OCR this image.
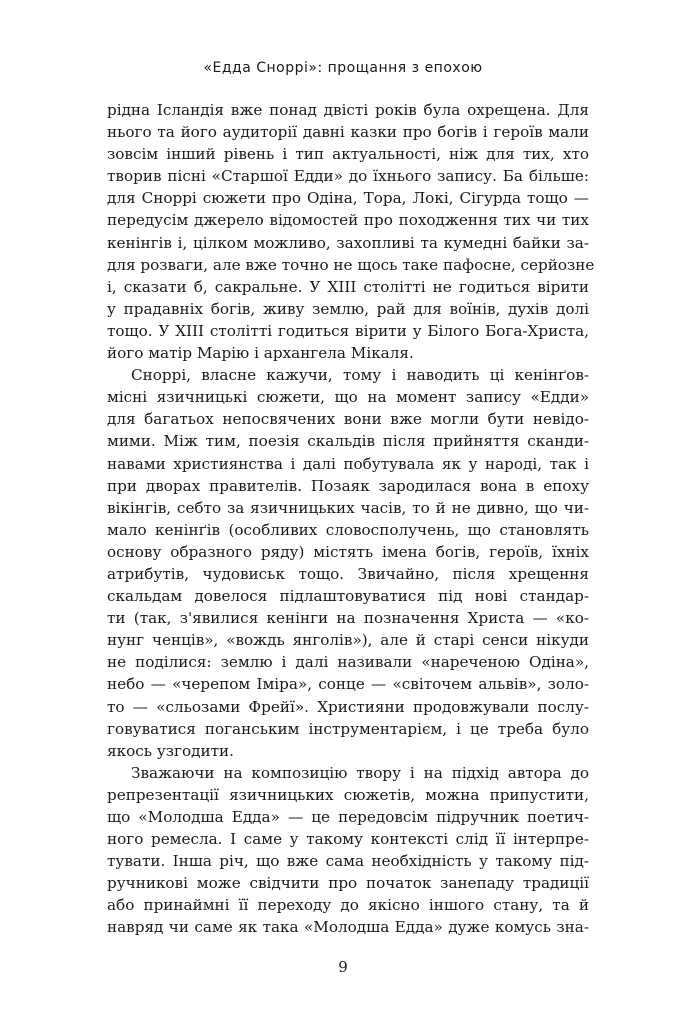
«Едда Сноррі»: прощання з епохою
рідна Ісландія вже понад двісті років була охрещена. Для
нього та його аудиторії давні казки про богів і героїв мали
зовсім інший рівень і тип актуальності, ніж для тих, хто
творив пісні «Старшої Едди» до їхнього запису. Ба більше:
для Сноррі сюжети про Одіна, Тора, Локі, Сігурда тощо —
передусім джерело відомостей про походження тих чи тих
кенінгів і, цілком можливо, захопливі та кумедні байки за-
для розваги, але вже точно не щось таке пафосне, серйозне
і, сказати б, сакральне. У XIII столітті не годиться вірити
у прадавніх богів, живу землю, рай для воїнів, духів долі
тощо. У XIII столітті годиться вірити у Білого Бога-Христа,
його матір Марію і архангела Мікаля.
Сноррі, власне кажучи, тому і наводить ці кенінґов-
місні язичницькі сюжети, що на момент запису «Едди»
для багатьох непосвячених вони вже могли бути невідо-
мими. Між тим, поезія скальдів після прийняття сканди-
навами християнства і далі побутувала як у народі, так і
при дворах правителів. Позаяк зародилася вона в епоху
вікінгів, себто за язичницьких часів, то й не дивно, що чи-
мало кенінґів (особливих словосполучень, що становлять
основу образного ряду) містять імена богів, героїв, їхніх
атрибутів, чудовиськ тощо. Звичайно, після хрещення
скальдам довелося підлаштовуватися під нові стандар-
ти (так, з'явилися кенінги на позначення Христа — «ко-
нунг ченців», «вождь янголів»), але й старі сенси нікуди
не поділися: землю і далі називали «нареченою Одіна»,
небо — «черепом Іміра», сонце — «світочем альвів», золо-
то — «сльозами Фрейї». Християни продовжували послу-
говуватися поганським інструментарієм, і це треба було
якось узгодити.
Зважаючи на композицію твору і на підхід автора до
репрезентації язичницьких сюжетів, можна припустити,
що «Молодша Едда» — це передовсім підручник поетич-
ного ремесла. І саме у такому контексті слід її інтерпре-
тувати. Інша річ, що вже сама необхідність у такому під-
ручникові може свідчити про початок занепаду традиції
або принаймні її переходу до якісно іншого стану, та й
навряд чи саме як така «Молодша Едда» дуже комусь зна-
9
